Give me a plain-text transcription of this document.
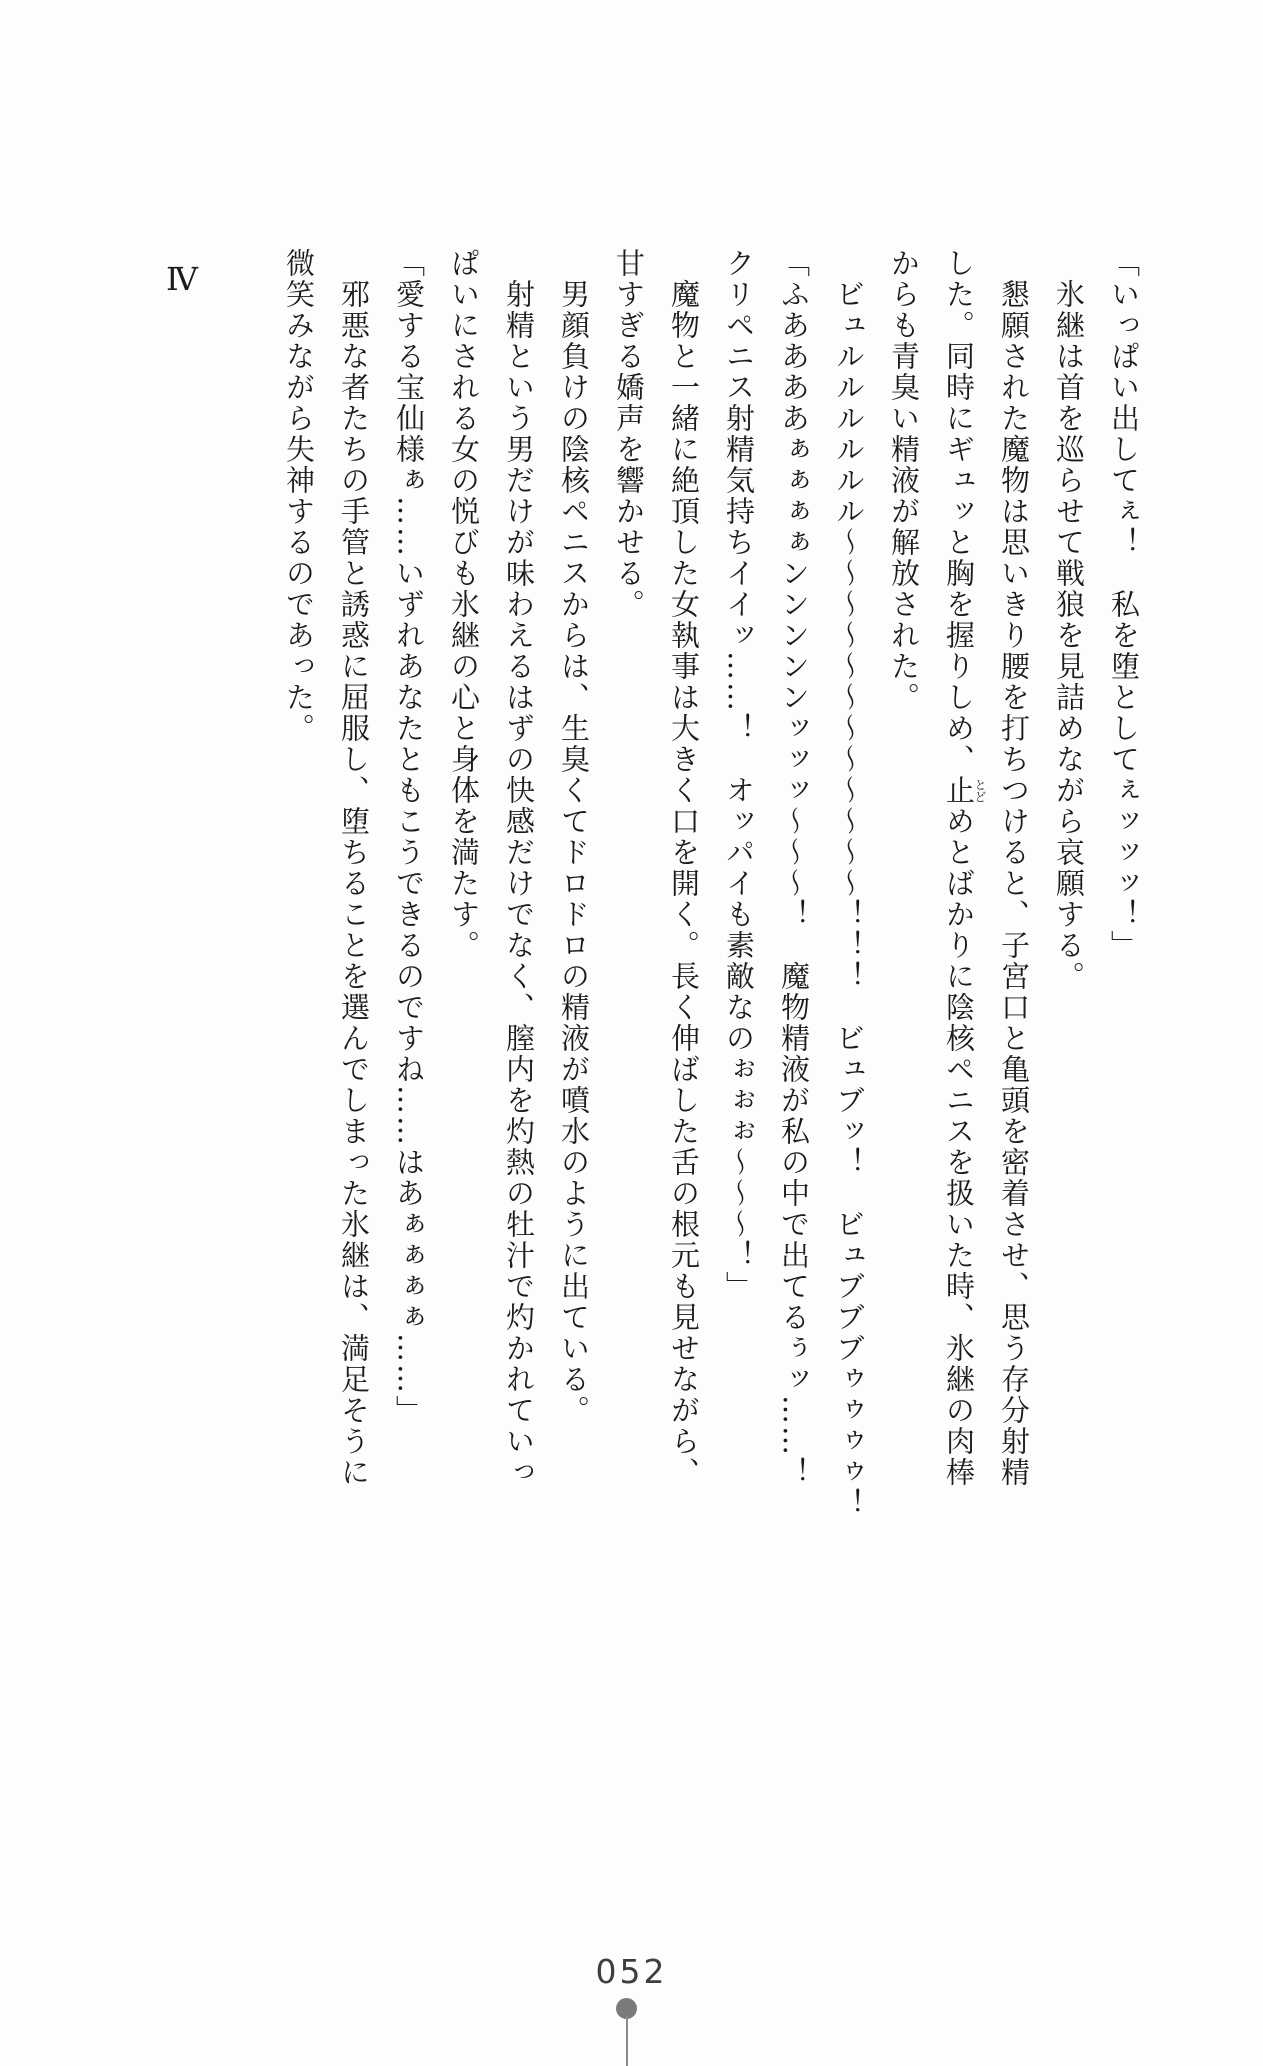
Ⅳ	「いっぱい出してぇ！　私を堕としてぇッッッ！」

氷継は首を巡らせて戦狼を見詰めながら哀願する。

懇願された魔物は思いきり腰を打ちつけると、子宮口と亀頭を密着させ、思う存分射精

した。同時にギュッと胸を握りしめ、止とどめとばかりに陰核ペニスを扱いた時、氷継の肉棒

からも青臭い精液が解放された。

ビュルルルルルル〜〜〜〜〜〜〜〜〜〜〜〜！！！　ビュブッ！　ビュブブブゥゥゥゥ！

「ふああああぁぁぁぁンンンンンッッッ〜〜〜！　魔物精液が私の中で出てるぅッ……！

クリペニス射精気持ちイイッ……！　オッパイも素敵なのぉぉぉ〜〜〜！」

魔物と一緒に絶頂した女執事は大きく口を開く。長く伸ばした舌の根元も見せながら、

甘すぎる嬌声を響かせる。

男顔負けの陰核ペニスからは、生臭くてドロドロの精液が噴水のように出ている。

射精という男だけが味わえるはずの快感だけでなく、膣内を灼熱の牡汁で灼かれていっ

ぱいにされる女の悦びも氷継の心と身体を満たす。

「愛する宝仙様ぁ……いずれあなたともこうできるのですね……はあぁぁぁぁ……」

邪悪な者たちの手管と誘惑に屈服し、堕ちることを選んでしまった氷継は、満足そうに

微笑みながら失神するのであった。

052
